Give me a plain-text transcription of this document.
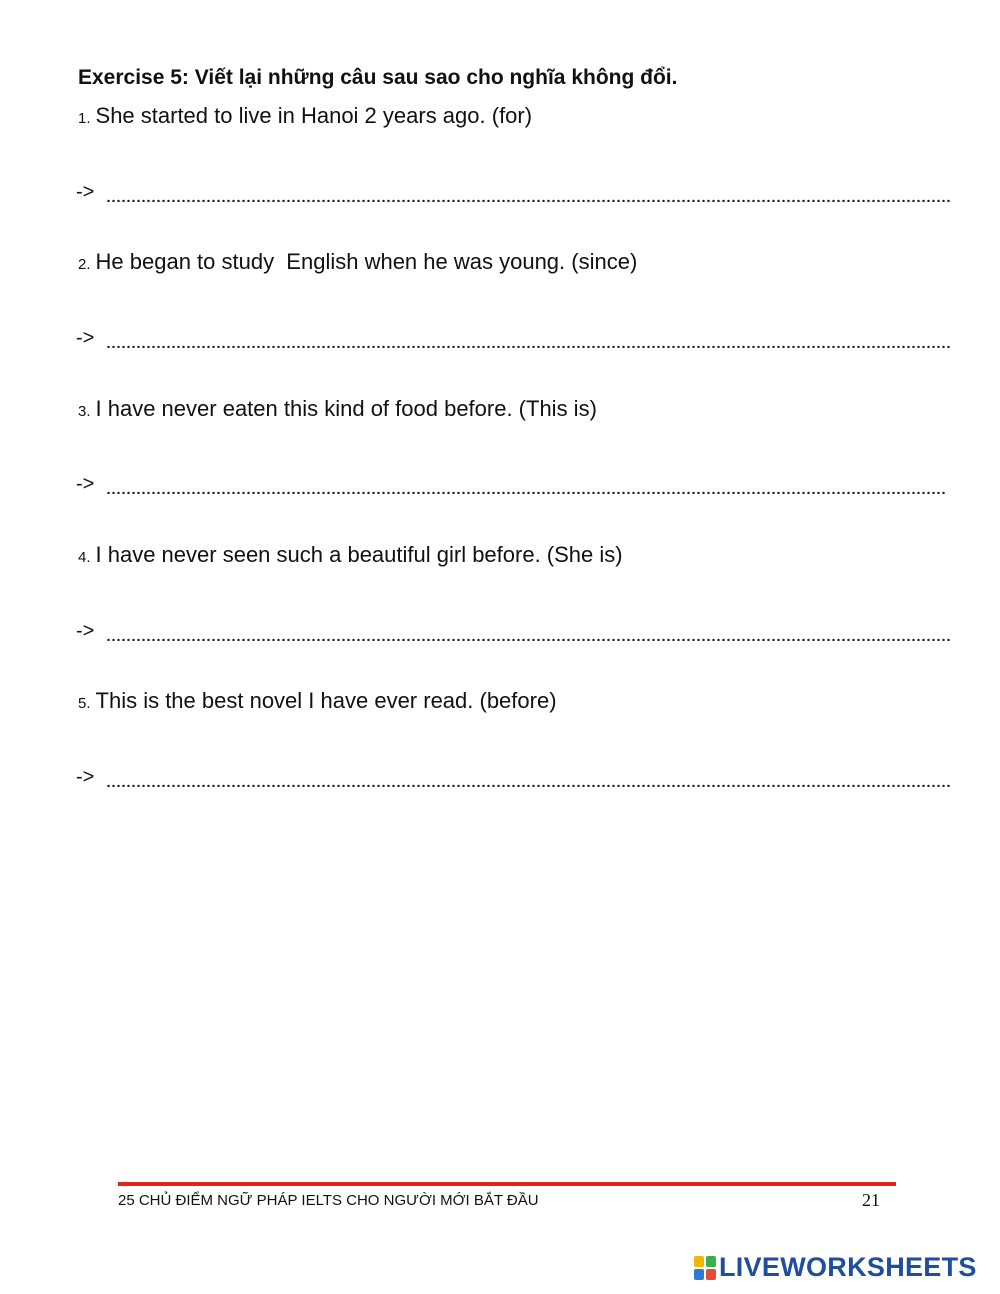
Exercise 5: Viết lại những câu sau sao cho nghĩa không đổi.
1. She started to live in Hanoi 2 years ago. (for)
->
2. He began to study  English when he was young. (since)
->
3. I have never eaten this kind of food before. (This is)
->
4. I have never seen such a beautiful girl before. (She is)
->
5. This is the best novel I have ever read. (before)
->
25 CHỦ ĐIỂM NGỮ PHÁP IELTS CHO NGƯỜI MỚI BẮT ĐẦU	21
LIVEWORKSHEETS
